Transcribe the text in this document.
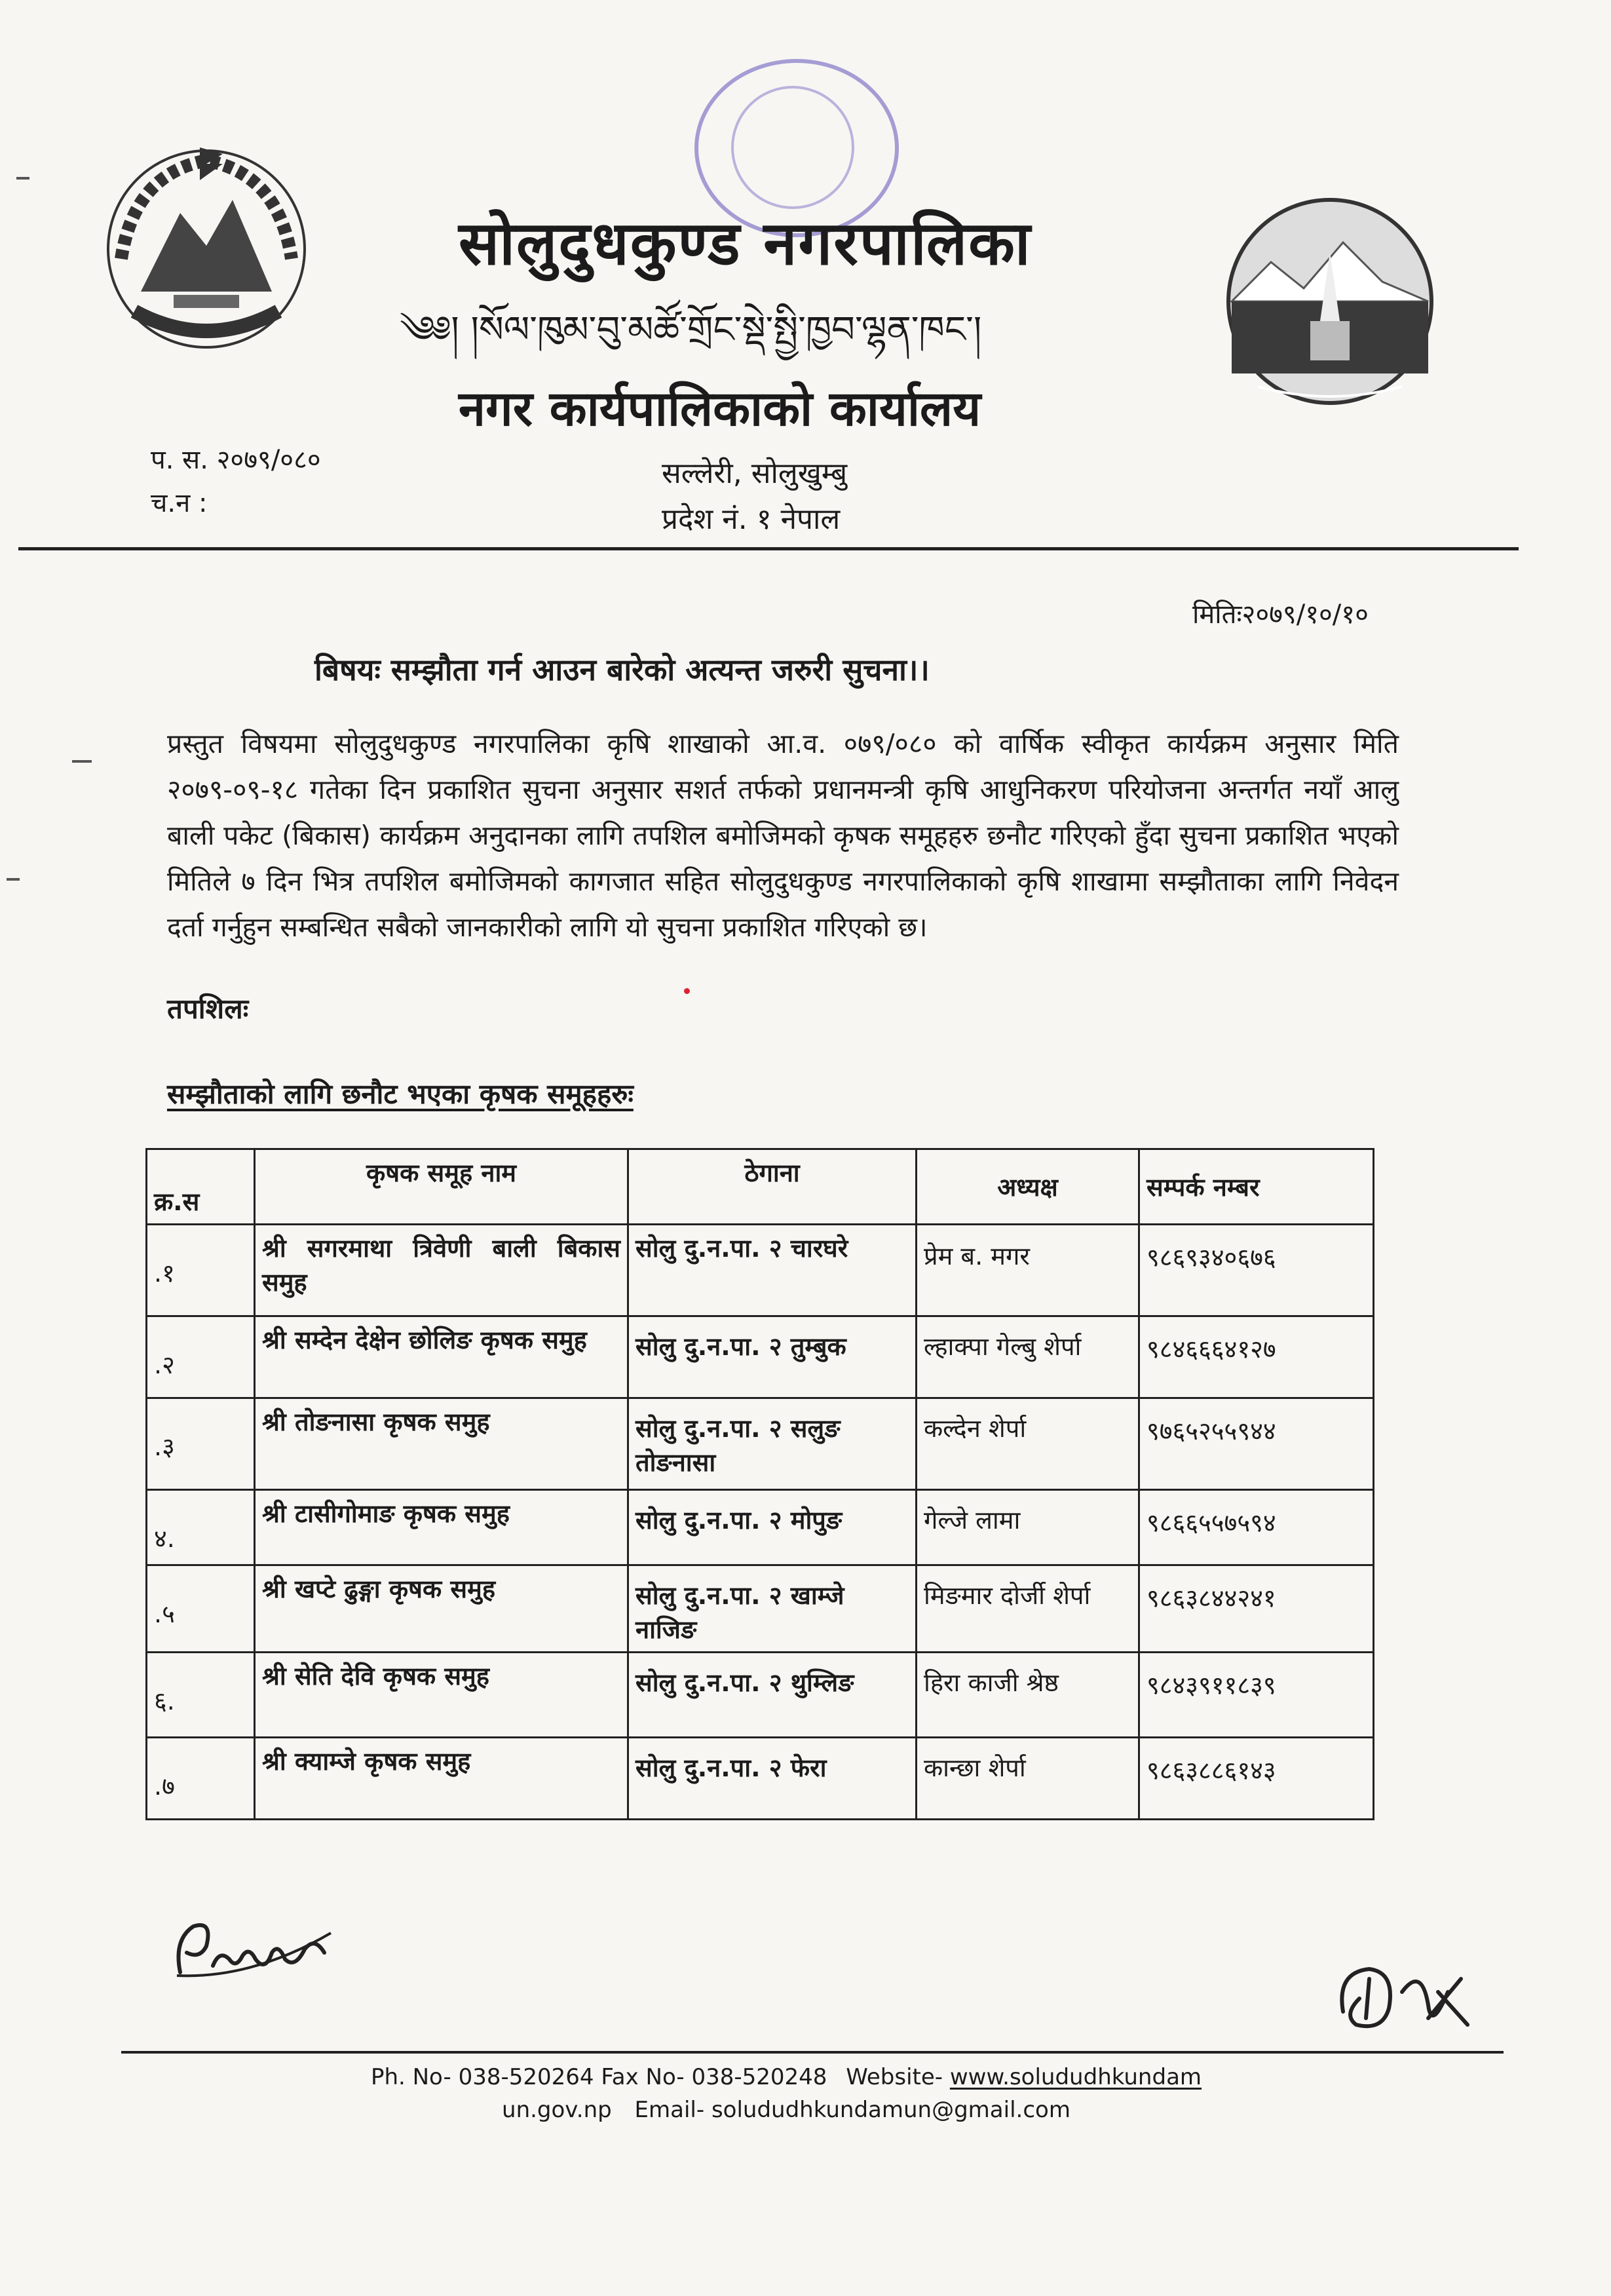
सोलुदुधकुण्ड नगरपालिका
༄༅། །སོལ་ཁུམ་བུ་མཚོ་གྲོང་སྡེ་སྤྱི་ཁྱབ་ལྷན་ཁང་།
नगर कार्यपालिकाको कार्यालय
प. स. २०७९/०८०
च.न :
सल्लेरी, सोलुखुम्बु
प्रदेश नं. १ नेपाल
मितिः२०७९/१०/१०
बिषयः सम्झौता गर्न आउन बारेको अत्यन्त जरुरी सुचना।।
प्रस्तुत विषयमा सोलुदुधकुण्ड नगरपालिका कृषि शाखाको आ.व. ०७९/०८० को वार्षिक स्वीकृत कार्यक्रम अनुसार मिति २०७९-०९-१८ गतेका दिन प्रकाशित सुचना अनुसार सशर्त तर्फको प्रधानमन्त्री कृषि आधुनिकरण परियोजना अन्तर्गत नयाँ आलु बाली पकेट (बिकास) कार्यक्रम अनुदानका लागि तपशिल बमोजिमको कृषक समूहहरु छनौट गरिएको हुँदा सुचना प्रकाशित भएको मितिले ७ दिन भित्र तपशिल बमोजिमको कागजात सहित सोलुदुधकुण्ड नगरपालिकाको कृषि शाखामा सम्झौताका लागि निवेदन दर्ता गर्नुहुन सम्बन्धित सबैको जानकारीको लागि यो सुचना प्रकाशित गरिएको छ।
तपशिलः
सम्झौताको लागि छनौट भएका कृषक समूहहरुः
क्र.स	कृषक समूह नाम	ठेगाना	अध्यक्ष	सम्पर्क नम्बर

.१	श्री सगरमाथा त्रिवेणी बाली बिकास समुह	सोलु दु.न.पा. २ चारघरे	प्रेम ब. मगर	९८६९३४०६७६

.२	श्री सम्देन देक्षेन छोलिङ कृषक समुह	सोलु दु.न.पा. २ तुम्बुक	ल्हाक्पा गेल्बु शेर्पा	९८४६६६४१२७

.३	श्री तोङनासा कृषक समुह	सोलु दु.न.पा. २ सलुङ तोङनासा	कल्देन शेर्पा	९७६५२५५९४४

४.	श्री टासीगोमाङ कृषक समुह	सोलु दु.न.पा. २ मोपुङ	गेल्जे लामा	९८६६५५७५९४

.५	श्री खप्टे ढुङ्गा कृषक समुह	सोलु दु.न.पा. २ खाम्जे नाजिङ	मिङमार दोर्जी शेर्पा	९८६३८४४२४१

६.	श्री सेति देवि कृषक समुह	सोलु दु.न.पा. २ थुम्लिङ	हिरा काजी श्रेष्ठ	९८४३९११८३९

.७	श्री क्याम्जे कृषक समुह	सोलु दु.न.पा. २ फेरा	कान्छा शेर्पा	९८६३८८६१४३
Ph. No- 038-520264 Fax No- 038-520248 Website- www.solududhkundam
un.gov.np Email- solududhkundamun@gmail.com
